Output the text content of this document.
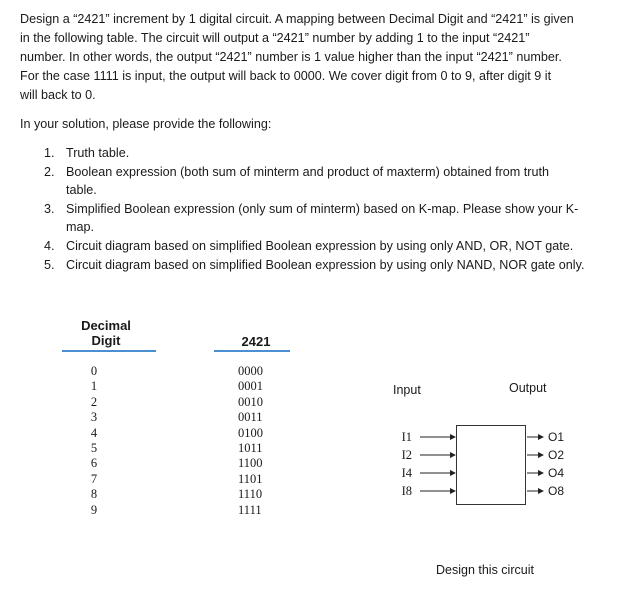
Design a “2421” increment by 1 digital circuit. A mapping between Decimal Digit and “2421” is given
in the following table. The circuit will output a “2421” number by adding 1 to the input “2421”
number. In other words, the output “2421” number is 1 value higher than the input “2421” number.
For the case 1111 is input, the output will back to 0000. We cover digit from 0 to 9, after digit 9 it
will back to 0.
In your solution, please provide the following:
1. Truth table.
2. Boolean expression (both sum of minterm and product of maxterm) obtained from truth
table.
3. Simplified Boolean expression (only sum of minterm) based on K-map. Please show your K-
map.
4. Circuit diagram based on simplified Boolean expression by using only AND, OR, NOT gate.
5. Circuit diagram based on simplified Boolean expression by using only NAND, NOR gate only.
Decimal
Digit	2421
0
1
2
3
4
5
6
7
8
9
0000
0001
0010
0011
0100
1011
1100
1101
1110
1111
Input	Output
I1
I2
I4
I8
O1
O2
O4
O8
Design this circuit
